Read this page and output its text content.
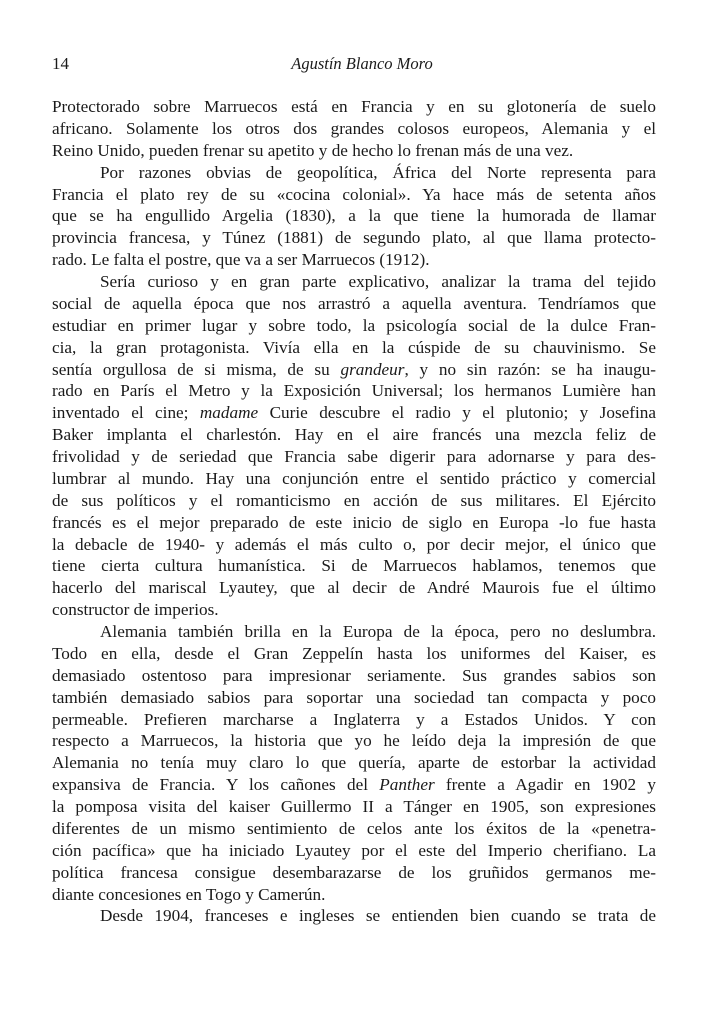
14	Agustín Blanco Moro
Protectorado sobre Marruecos está en Francia y en su glotonería de suelo
africano. Solamente los otros dos grandes colosos europeos, Alemania y el
Reino Unido, pueden frenar su apetito y de hecho lo frenan más de una vez.
Por razones obvias de geopolítica, África del Norte representa para
Francia el plato rey de su «cocina colonial». Ya hace más de setenta años
que se ha engullido Argelia (1830), a la que tiene la humorada de llamar
provincia francesa, y Túnez (1881) de segundo plato, al que llama protecto-
rado. Le falta el postre, que va a ser Marruecos (1912).
Sería curioso y en gran parte explicativo, analizar la trama del tejido
social de aquella época que nos arrastró a aquella aventura. Tendríamos que
estudiar en primer lugar y sobre todo, la psicología social de la dulce Fran-
cia, la gran protagonista. Vivía ella en la cúspide de su chauvinismo. Se
sentía orgullosa de si misma, de su grandeur, y no sin razón: se ha inaugu-
rado en París el Metro y la Exposición Universal; los hermanos Lumière han
inventado el cine; madame Curie descubre el radio y el plutonio; y Josefina
Baker implanta el charlestón. Hay en el aire francés una mezcla feliz de
frivolidad y de seriedad que Francia sabe digerir para adornarse y para des-
lumbrar al mundo. Hay una conjunción entre el sentido práctico y comercial
de sus políticos y el romanticismo en acción de sus militares. El Ejército
francés es el mejor preparado de este inicio de siglo en Europa -lo fue hasta
la debacle de 1940- y además el más culto o, por decir mejor, el único que
tiene cierta cultura humanística. Si de Marruecos hablamos, tenemos que
hacerlo del mariscal Lyautey, que al decir de André Maurois fue el último
constructor de imperios.
Alemania también brilla en la Europa de la época, pero no deslumbra.
Todo en ella, desde el Gran Zeppelín hasta los uniformes del Kaiser, es
demasiado ostentoso para impresionar seriamente. Sus grandes sabios son
también demasiado sabios para soportar una sociedad tan compacta y poco
permeable. Prefieren marcharse a Inglaterra y a Estados Unidos. Y con
respecto a Marruecos, la historia que yo he leído deja la impresión de que
Alemania no tenía muy claro lo que quería, aparte de estorbar la actividad
expansiva de Francia. Y los cañones del Panther frente a Agadir en 1902 y
la pomposa visita del kaiser Guillermo II a Tánger en 1905, son expresiones
diferentes de un mismo sentimiento de celos ante los éxitos de la «penetra-
ción pacífica» que ha iniciado Lyautey por el este del Imperio cherifiano. La
política francesa consigue desembarazarse de los gruñidos germanos me-
diante concesiones en Togo y Camerún.
Desde 1904, franceses e ingleses se entienden bien cuando se trata de
